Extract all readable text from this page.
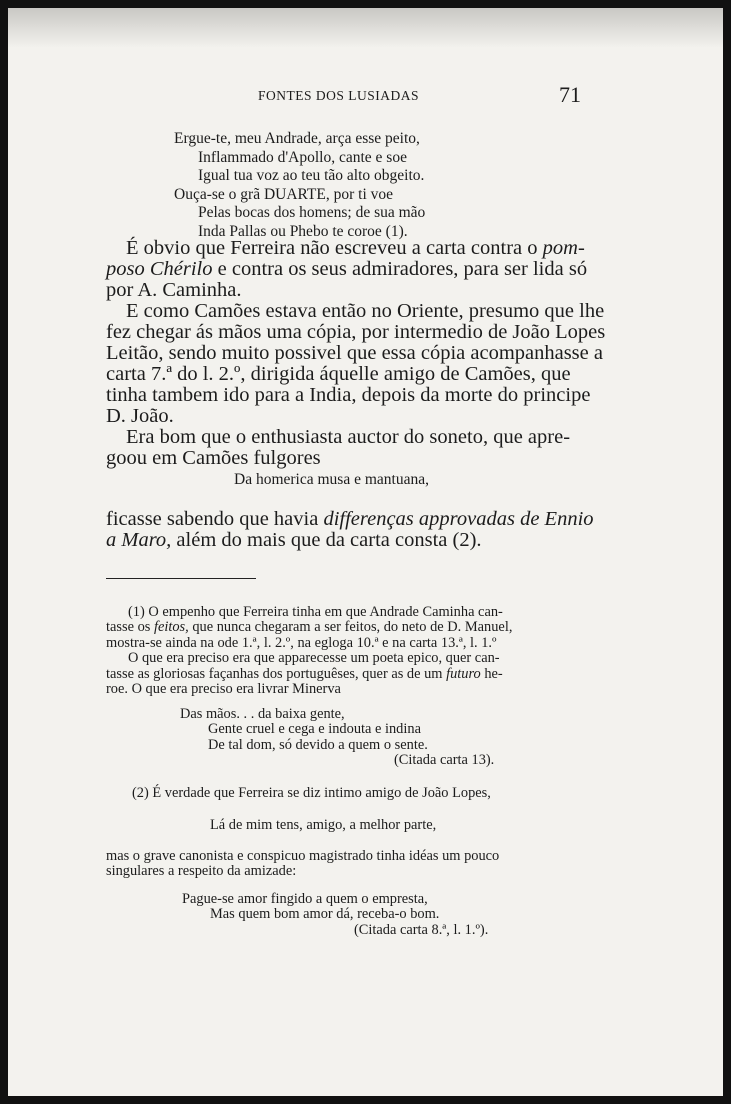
FONTES DOS LUSIADAS	71
Ergue-te, meu Andrade, arça esse peito,
Inflammado d'Apollo, cante e soe
Igual tua voz ao teu tão alto obgeito.
Ouça-se o grã DUARTE, por ti voe
Pelas bocas dos homens; de sua mão
Inda Pallas ou Phebo te coroe (1).
É obvio que Ferreira não escreveu a carta contra o pom-
poso Chérilo e contra os seus admiradores, para ser lida só
por A. Caminha.
E como Camões estava então no Oriente, presumo que lhe
fez chegar ás mãos uma cópia, por intermedio de João Lopes
Leitão, sendo muito possivel que essa cópia acompanhasse a
carta 7.ª do l. 2.º, dirigida áquelle amigo de Camões, que
tinha tambem ido para a India, depois da morte do principe
D. João.
Era bom que o enthusiasta auctor do soneto, que apre-
goou em Camões fulgores
Da homerica musa e mantuana,
ficasse sabendo que havia differenças approvadas de Ennio
a Maro, além do mais que da carta consta (2).
(1) O empenho que Ferreira tinha em que Andrade Caminha can-
tasse os feitos, que nunca chegaram a ser feitos, do neto de D. Manuel,
mostra-se ainda na ode 1.ª, l. 2.º, na egloga 10.ª e na carta 13.ª, l. 1.º
O que era preciso era que apparecesse um poeta epico, quer can-
tasse as gloriosas façanhas dos portuguêses, quer as de um futuro he-
roe. O que era preciso era livrar Minerva
Das mãos. . . da baixa gente,
Gente cruel e cega e indouta e indina
De tal dom, só devido a quem o sente.
(Citada carta 13).
(2) É verdade que Ferreira se diz intimo amigo de João Lopes,
Lá de mim tens, amigo, a melhor parte,
mas o grave canonista e conspicuo magistrado tinha idéas um pouco
singulares a respeito da amizade:
Pague-se amor fingido a quem o empresta,
Mas quem bom amor dá, receba-o bom.
(Citada carta 8.ª, l. 1.º).
